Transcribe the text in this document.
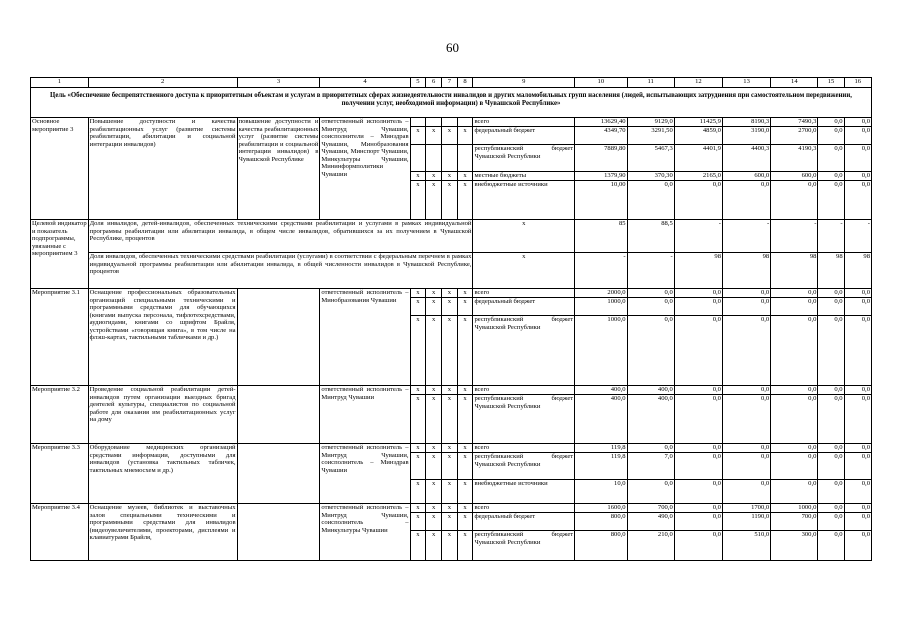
60
1	2	3	4	5	6	7	8	9	10	11	12	13	14	15	16
Цель «Обеспечение беспрепятственного доступа к приоритетным объектам и услугам в приоритетных сферах жизнедеятельности инвалидов и других маломобильных групп населения (людей, испытывающих затруднения при самостоятельном передвижении, получении услуг, необходимой информации) в Чувашской Республике»															
Основное мероприятие 3	Повышение доступности и качества реабилитационных услуг (развитие системы реабилитации, абилитации и социальной интеграции инвалидов)	повышение доступности и качества реабилитационных услуг (развитие системы реабилитации и социальной интеграции инвалидов) в Чувашской Республике	ответственный исполнитель – Минтруд Чувашии, соисполнители – Минздрав Чувашии, Минобразования Чувашии, Минспорт Чувашии, Минкультуры Чувашии, Мининформполитики Чувашии					всего	13629,40	9129,0	11425,9	8190,3	7490,3	0,0	0,0
				x	x	x	x	федеральный бюджет	4349,70	3291,50	4859,0	3190,0	2700,0	0,0	0,0
								республиканский бюджет Чувашской Республики	7889,80	5467,3	4401,9	4400,3	4190,3	0,0	0,0
				x	x	x	x	местные бюджеты	1379,90	370,30	2165,0	600,0	600,0	0,0	0,0
				x	x	x	x	внебюджетные источники	10,00	0,0	0,0	0,0	0,0	0,0	0,0
Целевой индикатор и показатель подпрограммы, увязанные с мероприятием 3	Доля инвалидов, детей-инвалидов, обеспеченных техническими средствами реабилитации и услугами в рамках индивидуальной программы реабилитации или абилитации инвалида, в общем числе инвалидов, обратившихся за их получением в Чувашской Республике, процентов							x	85	88,5	-	-	-	-	-
	Доля инвалидов, обеспеченных техническими средствами реабилитации (услугами) в соответствии с федеральным перечнем в рамках индивидуальной программы реабилитации или абилитации инвалида, в общей численности инвалидов в Чувашской Республике, процентов							x	-	-	98	98	98	98	98
Мероприятие 3.1	Оснащение профессиональных образовательных организаций специальными техническими и программными средствами для обучающихся (книгами выпуска персонала, тифлотехсредствами, аудиогидами, книгами со шрифтом Брайля, устройствами «говорящая книга», в том числе на флэш-картах, тактильными табличками и др.)		ответственный исполнитель – Минобразования Чувашии	x	x	x	x	всего	2000,0	0,0	0,0	0,0	0,0	0,0	0,0
				x	x	x	x	федеральный бюджет	1000,0	0,0	0,0	0,0	0,0	0,0	0,0
				x	x	x	x	республиканский бюджет Чувашской Республики	1000,0	0,0	0,0	0,0	0,0	0,0	0,0
Мероприятие 3.2	Проведение социальной реабилитации детей-инвалидов путем организации выездных бригад деятелей культуры, специалистов по социальной работе для оказания им реабилитационных услуг на дому		ответственный исполнитель – Минтруд Чувашии	x	x	x	x	всего	400,0	400,0	0,0	0,0	0,0	0,0	0,0
				x	x	x	x	республиканский бюджет Чувашской Республики	400,0	400,0	0,0	0,0	0,0	0,0	0,0
Мероприятие 3.3	Оборудование медицинских организаций средствами информации, доступными для инвалидов (установка тактильных табличек, тактильных мнемосхем и др.)		ответственный исполнитель – Минтруд Чувашии, соисполнитель – Минздрав Чувашии	x	x	x	x	всего	119,8	0,0	0,0	0,0	0,0	0,0	0,0
				x	x	x	x	республиканский бюджет Чувашской Республики	119,8	7,0	0,0	0,0	0,0	0,0	0,0
				x	x	x	x	внебюджетные источники	10,0	0,0	0,0	0,0	0,0	0,0	0,0
Мероприятие 3.4	Оснащение музеев, библиотек и выставочных залов специальными техническими и программными средствами для инвалидов (видеоувеличителями, проекторами, дисплеями и клавиатурами Брайля,		ответственный исполнитель – Минтруд Чувашии, соисполнитель – Минкультуры Чувашии	x	x	x	x	всего	1600,0	700,0	0,0	1700,0	1000,0	0,0	0,0
				x	x	x	x	федеральный бюджет	800,0	490,0	0,0	1190,0	700,0	0,0	0,0
				x	x	x	x	республиканский бюджет Чувашской Республики	800,0	210,0	0,0	510,0	300,0	0,0	0,0
